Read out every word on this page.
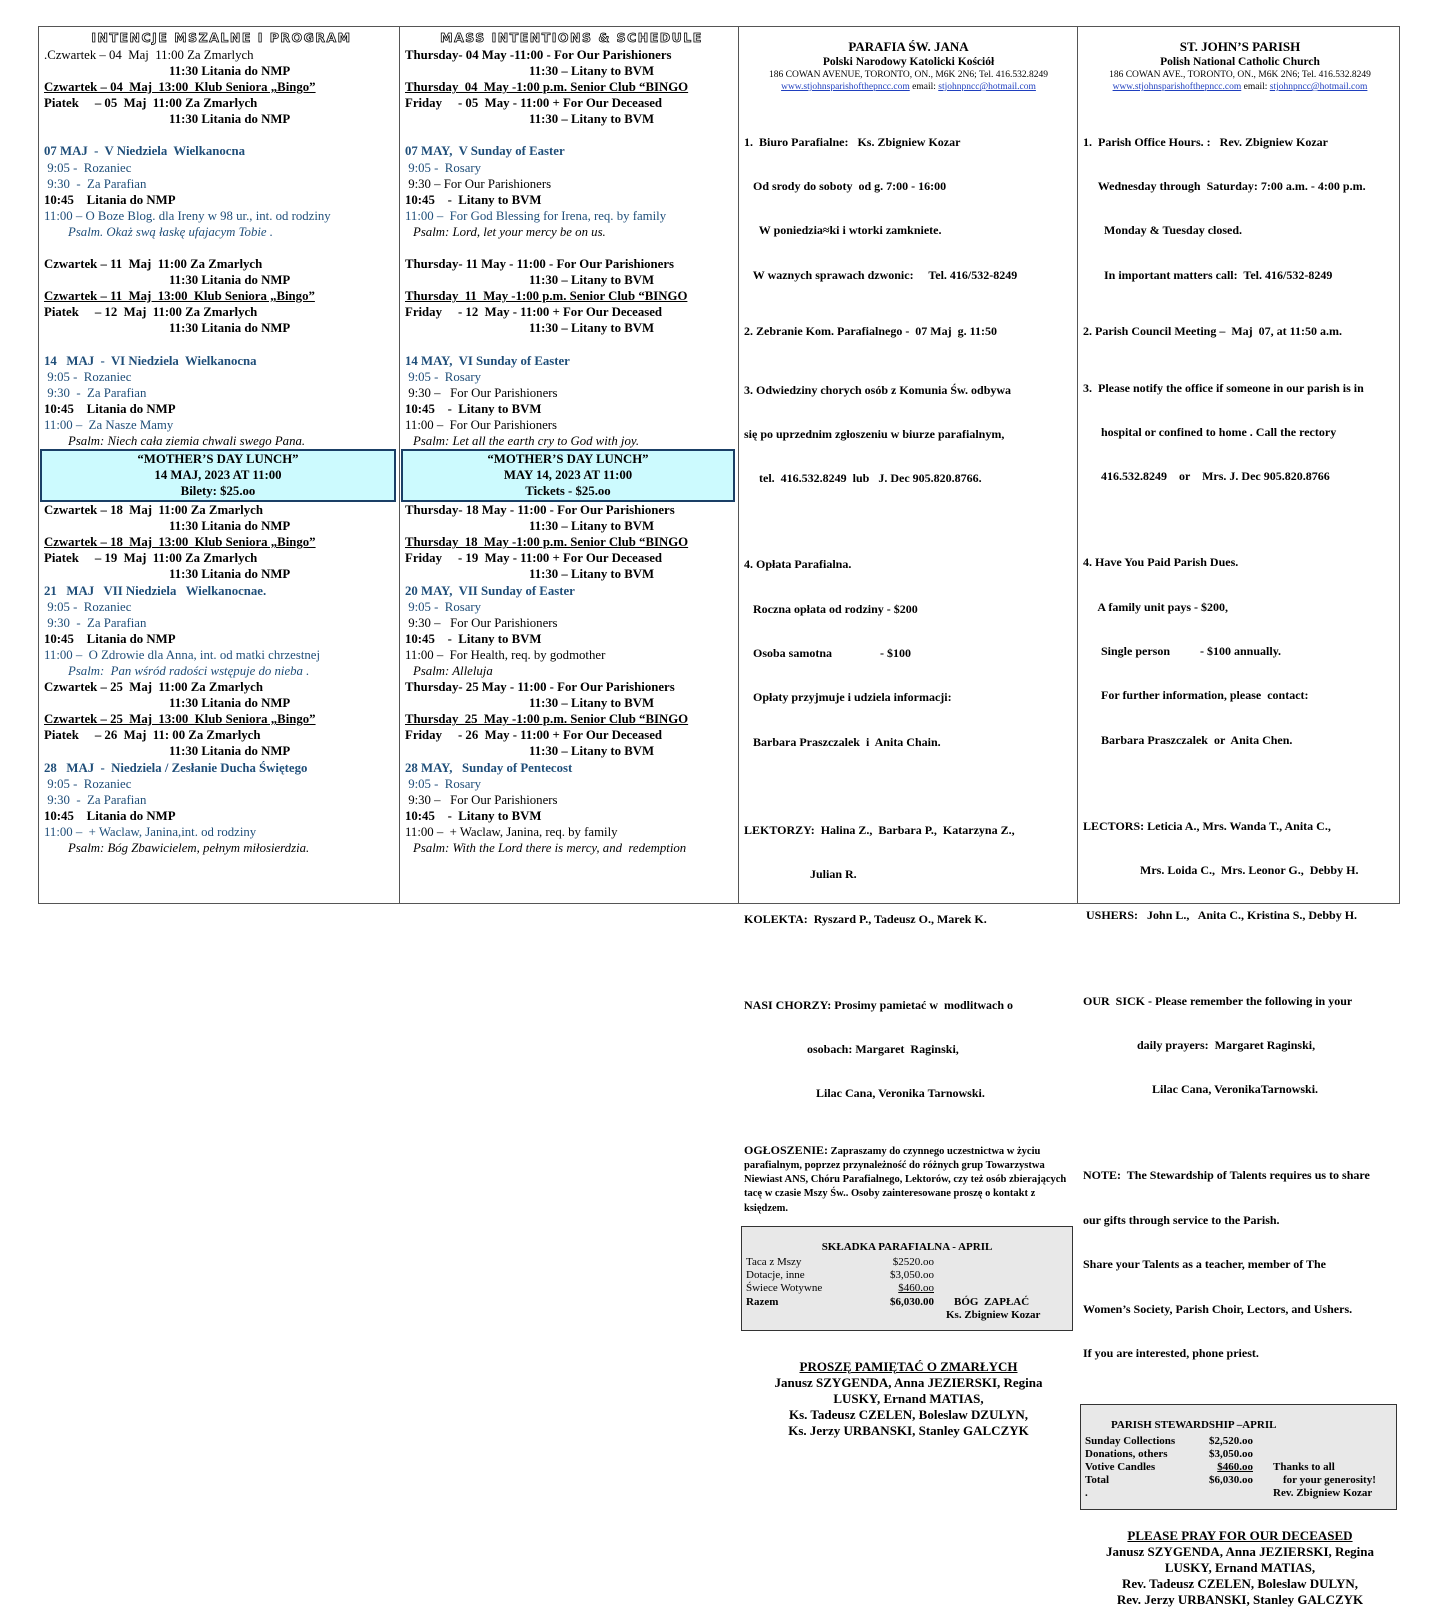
INTENCJE MSZALNE I PROGRAM
.Czwartek – 04  Maj  11:00 Za Zmarlych
11:30 Litania do NMP
Czwartek – 04  Maj  13:00  Klub Seniora „Bingo”
Piatek     – 05  Maj  11:00 Za Zmarlych
11:30 Litania do NMP
07 MAJ  -  V Niedziela  Wielkanocna
9:05 -  Rozaniec
9:30  -  Za Parafian
10:45    Litania do NMP
11:00 – O Boze Blog. dla Ireny w 98 ur., int. od rodziny
Psalm. Okaż swą łaskę ufajacym Tobie .
Czwartek – 11  Maj  11:00 Za Zmarlych
11:30 Litania do NMP
Czwartek – 11  Maj  13:00  Klub Seniora „Bingo”
Piatek     – 12  Maj  11:00 Za Zmarlych
11:30 Litania do NMP
14   MAJ  -  VI Niedziela  Wielkanocna
9:05 -  Rozaniec
9:30  -  Za Parafian
10:45    Litania do NMP
11:00 –  Za Nasze Mamy
Psalm: Niech cała ziemia chwali swego Pana.
“MOTHER’S DAY LUNCH”
14 MAJ, 2023 AT 11:00
Bilety: $25.oo
Czwartek – 18  Maj  11:00 Za Zmarlych
11:30 Litania do NMP
Czwartek – 18  Maj  13:00  Klub Seniora „Bingo”
Piatek     – 19  Maj  11:00 Za Zmarlych
11:30 Litania do NMP
21   MAJ   VII Niedziela   Wielkanocnae.
9:05 -  Rozaniec
9:30  -  Za Parafian
10:45    Litania do NMP
11:00 –  O Zdrowie dla Anna, int. od matki chrzestnej
Psalm:  Pan wśród radości wstępuje do nieba .
Czwartek – 25  Maj  11:00 Za Zmarlych
11:30 Litania do NMP
Czwartek – 25  Maj  13:00  Klub Seniora „Bingo”
Piatek     – 26  Maj  11: 00 Za Zmarlych
11:30 Litania do NMP
28   MAJ  -  Niedziela / Zesłanie Ducha Świętego
9:05 -  Rozaniec
9:30  -  Za Parafian
10:45    Litania do NMP
11:00 –  + Waclaw, Janina,int. od rodziny
Psalm: Bóg Zbawicielem, pełnym miłosierdzia.
MASS INTENTIONS & SCHEDULE
Thursday- 04 May -11:00 - For Our Parishioners
11:30 – Litany to BVM
Thursday  04  May -1:00 p.m. Senior Club “BINGO
Friday     - 05  May - 11:00 + For Our Deceased
11:30 – Litany to BVM
07 MAY,  V Sunday of Easter
9:05 -  Rosary
9:30 – For Our Parishioners
10:45    -  Litany to BVM
11:00 –  For God Blessing for Irena, req. by family
Psalm: Lord, let your mercy be on us.
Thursday- 11 May - 11:00 - For Our Parishioners
11:30 – Litany to BVM
Thursday  11  May -1:00 p.m. Senior Club “BINGO
Friday     - 12  May - 11:00 + For Our Deceased
11:30 – Litany to BVM
14 MAY,  VI Sunday of Easter
9:05 -  Rosary
9:30 –   For Our Parishioners
10:45    -  Litany to BVM
11:00 –  For Our Parishioners
Psalm: Let all the earth cry to God with joy.
“MOTHER’S DAY LUNCH”
MAY 14, 2023 AT 11:00
Tickets - $25.oo
Thursday- 18 May - 11:00 - For Our Parishioners
11:30 – Litany to BVM
Thursday  18  May -1:00 p.m. Senior Club “BINGO
Friday     - 19  May - 11:00 + For Our Deceased
11:30 – Litany to BVM
20 MAY,  VII Sunday of Easter
9:05 -  Rosary
9:30 –   For Our Parishioners
10:45    -  Litany to BVM
11:00 –  For Health, req. by godmother
Psalm: Alleluja
Thursday- 25 May - 11:00 - For Our Parishioners
11:30 – Litany to BVM
Thursday  25  May -1:00 p.m. Senior Club “BINGO
Friday     - 26  May - 11:00 + For Our Deceased
11:30 – Litany to BVM
28 MAY,   Sunday of Pentecost
9:05 -  Rosary
9:30 –   For Our Parishioners
10:45    -  Litany to BVM
11:00 –  + Waclaw, Janina, req. by family
Psalm: With the Lord there is mercy, and  redemption
PARAFIA ŚW. JANA
Polski Narodowy Katolicki Kościół
186 COWAN AVENUE, TORONTO, ON., M6K 2N6; Tel. 416.532.8249
www.stjohnsparishofthepncc.com email: stjohnpncc@hotmail.com

1.  Biuro Parafialne:   Ks. Zbigniew Kozar

Od srody do soboty  od g. 7:00 - 16:00

W poniedzia≈ki i wtorki zamkniete.

W waznych sprawach dzwonic:     Tel. 416/532-8249

2. Zebranie Kom. Parafialnego -  07 Maj  g. 11:50

3. Odwiedziny chorych osób z Komunia Św. odbywa

się po uprzednim zgłoszeniu w biurze parafialnym,

tel.  416.532.8249  lub   J. Dec 905.820.8766.

4. Opłata Parafialna.

Roczna opłata od rodziny - $200

Osoba samotna                - $100

Opłaty przyjmuje i udziela informacji:

Barbara Praszczalek  i  Anita Chain.

LEKTORZY:  Halina Z.,  Barbara P.,  Katarzyna Z.,

Julian R.

KOLEKTA:  Ryszard P., Tadeusz O., Marek K.

NASI CHORZY: Prosimy pamietać w  modlitwach o

osobach: Margaret  Raginski,

Lilac Cana, Veronika Tarnowski.

OGŁOSZENIE: Zapraszamy do czynnego uczestnictwa w życiu parafialnym, poprzez przynależność do różnych grup Towarzystwa Niewiast ANS, Chóru Parafialnego, Lektorów, czy też osób zbierających tacę w czasie Mszy Św.. Osoby zainteresowane proszę o kontakt z księdzem.
SKŁADKA PARAFIALNA - APRIL
Taca z Mszy	$2520.oo
Dotacje, inne	$3,050.oo
Świece Wotywne	$460.oo
Razem	$6,030.00	BÓG  ZAPŁAĆ
Ks. Zbigniew Kozar
PROSZĘ PAMIĘTAĆ O ZMARŁYCH
Janusz SZYGENDA, Anna JEZIERSKI, Regina
LUSKY, Ernand MATIAS,
Ks. Tadeusz CZELEN, Boleslaw DZULYN,
Ks. Jerzy URBANSKI, Stanley GALCZYK
ST. JOHN’S PARISH
Polish National Catholic Church
186 COWAN AVE., TORONTO, ON., M6K 2N6; Tel. 416.532.8249
www.stjohnsparishofthepncc.com email: stjohnpncc@hotmail.com

1.  Parish Office Hours. :   Rev. Zbigniew Kozar

Wednesday through  Saturday: 7:00 a.m. - 4:00 p.m.

Monday & Tuesday closed.

In important matters call:  Tel. 416/532-8249

2. Parish Council Meeting –  Maj  07, at 11:50 a.m.

3.  Please notify the office if someone in our parish is in

hospital or confined to home . Call the rectory

416.532.8249    or    Mrs. J. Dec 905.820.8766

4. Have You Paid Parish Dues.

A family unit pays - $200,

Single person          - $100 annually.

For further information, please  contact:

Barbara Praszczalek  or  Anita Chen.

LECTORS: Leticia A., Mrs. Wanda T., Anita C.,

Mrs. Loida C.,  Mrs. Leonor G.,  Debby H.

USHERS:   John L.,   Anita C., Kristina S., Debby H.

OUR  SICK - Please remember the following in your

daily prayers:  Margaret Raginski,

Lilac Cana, VeronikaTarnowski.

NOTE:  The Stewardship of Talents requires us to share

our gifts through service to the Parish.

Share your Talents as a teacher, member of The

Women’s Society, Parish Choir, Lectors, and Ushers.

If you are interested, phone priest.

PARISH STEWARDSHIP –APRIL
Sunday Collections	$2,520.oo
Donations, others	$3,050.oo
Votive Candles	$460.oo	Thanks to all
Total	$6,030.oo	for your generosity!
.	Rev. Zbigniew Kozar
PLEASE PRAY FOR OUR DECEASED
Janusz SZYGENDA, Anna JEZIERSKI, Regina
LUSKY, Ernand MATIAS,
Rev. Tadeusz CZELEN, Boleslaw DULYN,
Rev. Jerzy URBANSKI, Stanley GALCZYK
